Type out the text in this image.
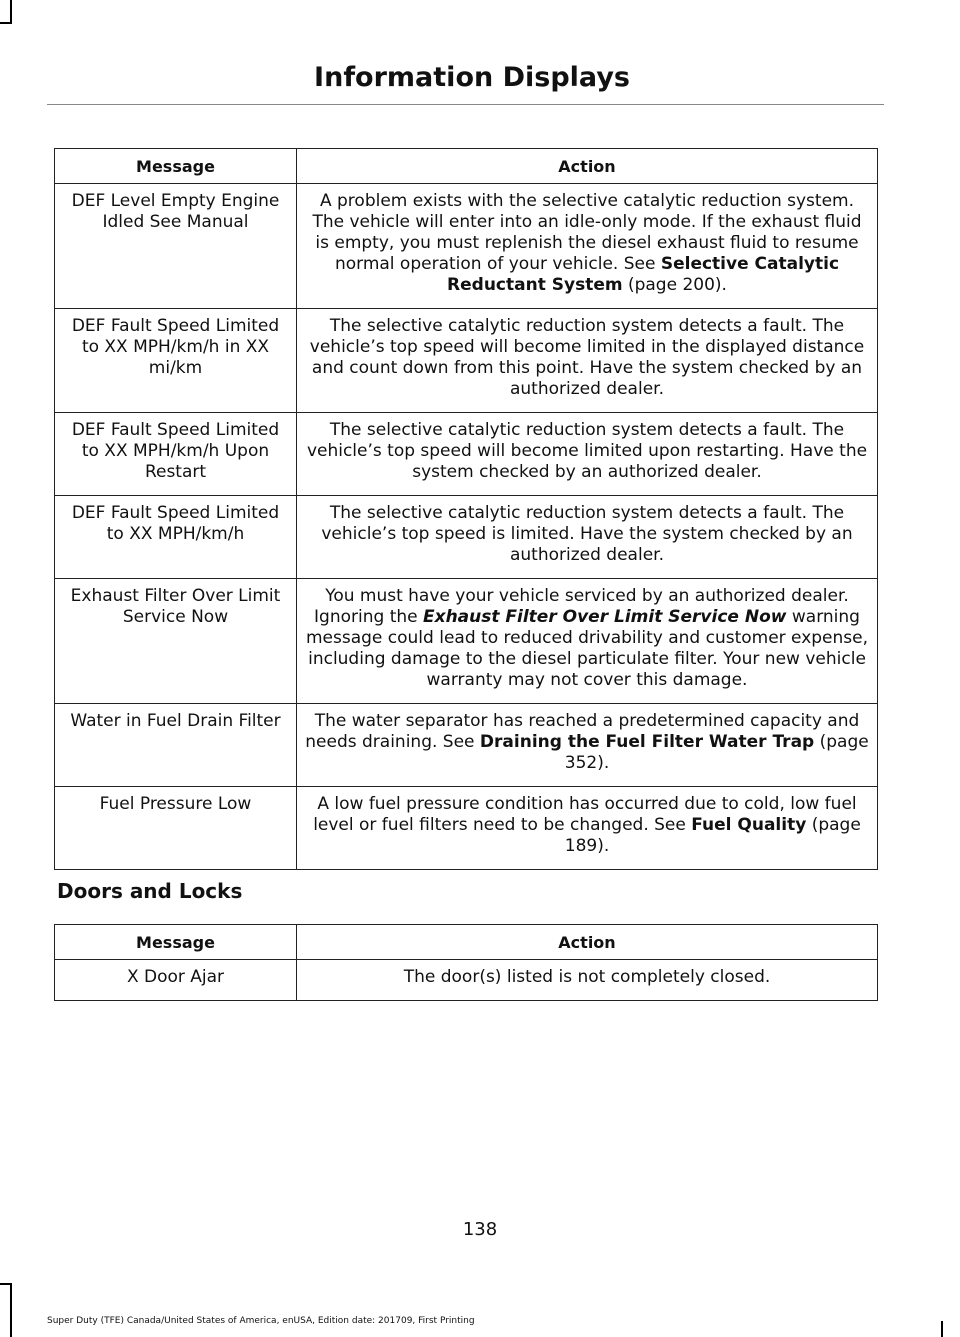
Information Displays
Message	Action
DEF Level Empty Engine Idled See Manual	A problem exists with the selective catalytic reduction system. The vehicle will enter into an idle-only mode. If the exhaust fluid is empty, you must replenish the diesel exhaust fluid to resume normal operation of your vehicle. See Selective Catalytic Reductant System (page 200).
DEF Fault Speed Limited to XX MPH/km/h in XX mi/km	The selective catalytic reduction system detects a fault. The vehicle’s top speed will become limited in the displayed distance and count down from this point. Have the system checked by an authorized dealer.
DEF Fault Speed Limited to XX MPH/km/h Upon Restart	The selective catalytic reduction system detects a fault. The vehicle’s top speed will become limited upon restarting. Have the system checked by an authorized dealer.
DEF Fault Speed Limited to XX MPH/km/h	The selective catalytic reduction system detects a fault. The vehicle’s top speed is limited. Have the system checked by an authorized dealer.
Exhaust Filter Over Limit Service Now	You must have your vehicle serviced by an authorized dealer. Ignoring the Exhaust Filter Over Limit Service Now warning message could lead to reduced drivability and customer expense, including damage to the diesel particulate filter. Your new vehicle warranty may not cover this damage.
Water in Fuel Drain Filter	The water separator has reached a predetermined capacity and needs draining. See Draining the Fuel Filter Water Trap (page 352).
Fuel Pressure Low	A low fuel pressure condition has occurred due to cold, low fuel level or fuel filters need to be changed. See Fuel Quality (page 189).
Doors and Locks
Message	Action
X Door Ajar	The door(s) listed is not completely closed.
138
Super Duty (TFE) Canada/United States of America, enUSA, Edition date: 201709, First Printing
